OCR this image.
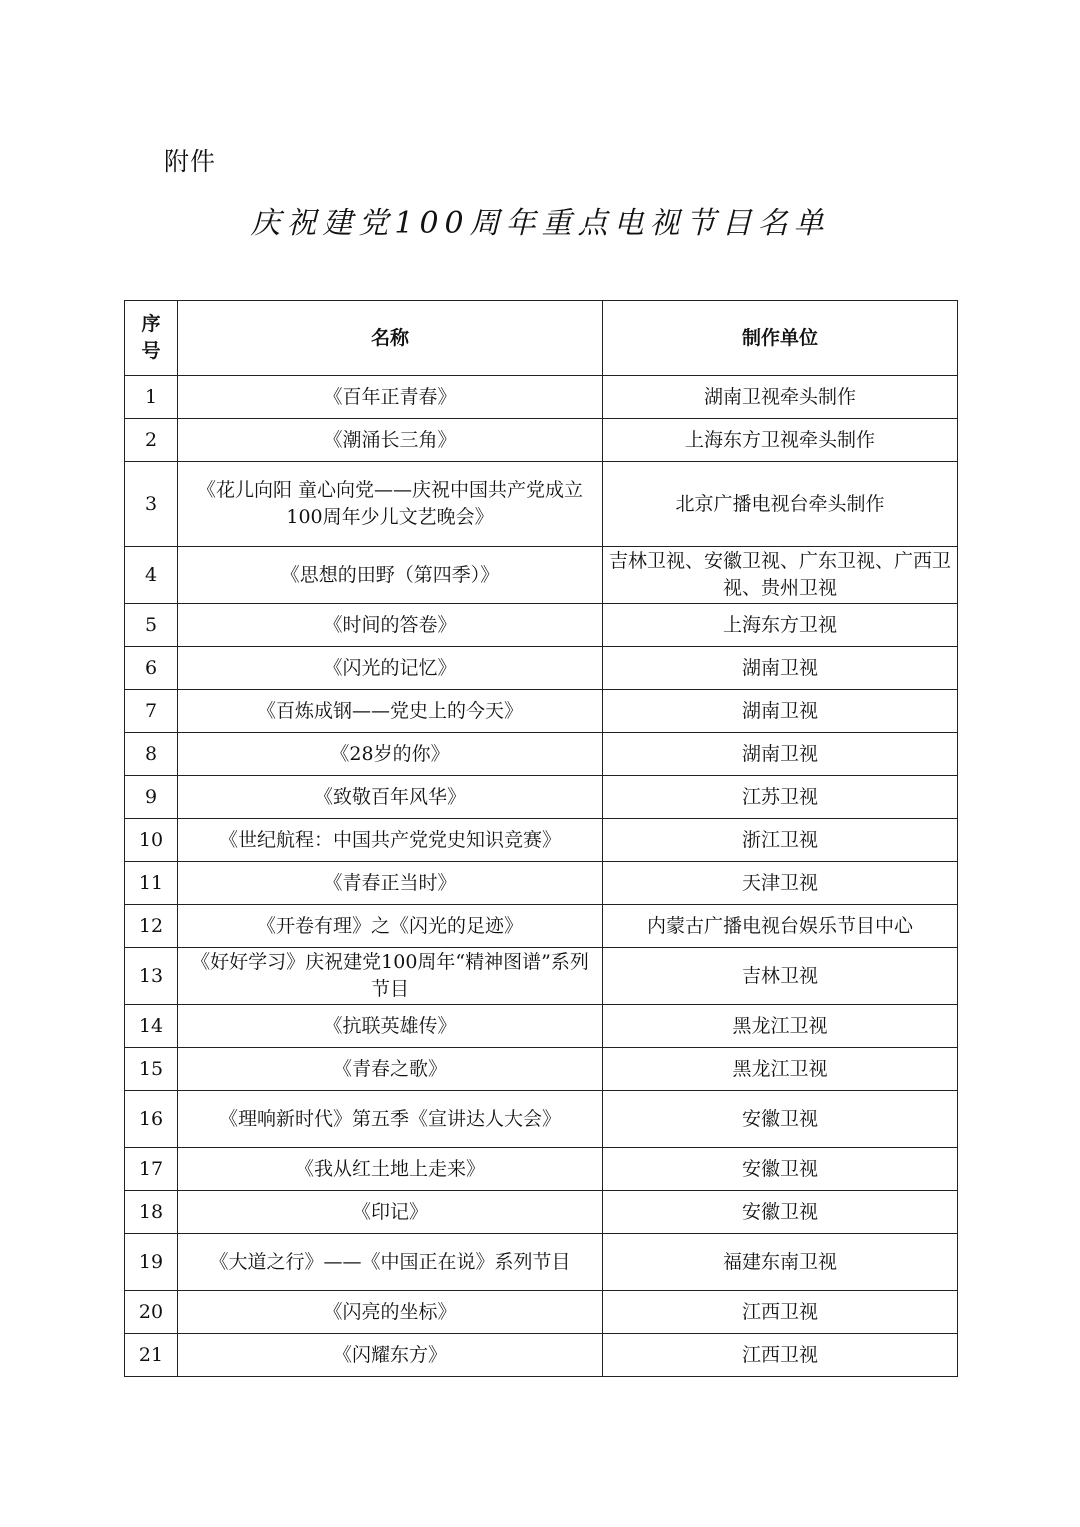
附件
庆祝建党100周年重点电视节目名单
序
号	名称	制作单位
1	《百年正青春》	湖南卫视牵头制作
2	《潮涌长三角》	上海东方卫视牵头制作
3	《花儿向阳 童心向党——庆祝中国共产党成立100周年少儿文艺晚会》	北京广播电视台牵头制作
4	《思想的田野（第四季）》	吉林卫视、安徽卫视、广东卫视、广西卫视、贵州卫视
5	《时间的答卷》	上海东方卫视
6	《闪光的记忆》	湖南卫视
7	《百炼成钢——党史上的今天》	湖南卫视
8	《28岁的你》	湖南卫视
9	《致敬百年风华》	江苏卫视
10	《世纪航程：中国共产党党史知识竞赛》	浙江卫视
11	《青春正当时》	天津卫视
12	《开卷有理》之《闪光的足迹》	内蒙古广播电视台娱乐节目中心
13	《好好学习》庆祝建党100周年“精神图谱”系列节目	吉林卫视
14	《抗联英雄传》	黑龙江卫视
15	《青春之歌》	黑龙江卫视
16	《理响新时代》第五季《宣讲达人大会》	安徽卫视
17	《我从红土地上走来》	安徽卫视
18	《印记》	安徽卫视
19	《大道之行》——《中国正在说》系列节目	福建东南卫视
20	《闪亮的坐标》	江西卫视
21	《闪耀东方》	江西卫视
